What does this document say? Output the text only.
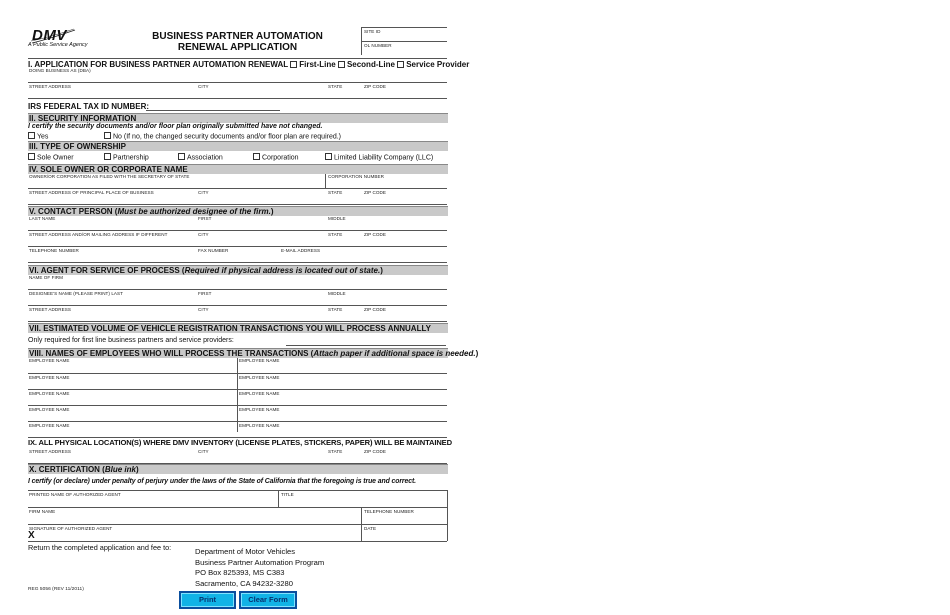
DMV
A Public Service Agency
BUSINESS PARTNER AUTOMATION
RENEWAL APPLICATION
SITE ID
OL NUMBER
I. APPLICATION FOR BUSINESS PARTNER AUTOMATION RENEWAL First-Line Second-Line Service Provider
DOING BUSINESS AS (DBA)
STREET ADDRESS	CITY	STATE	ZIP CODE
IRS FEDERAL TAX ID NUMBER:
II. SECURITY INFORMATION
I certify the security documents and/or floor plan originally submitted have not changed.
Yes	No (If no, the changed security documents and/or floor plan are required.)
III. TYPE OF OWNERSHIP
Sole Owner	Partnership	Association	Corporation	Limited Liability Company (LLC)
IV. SOLE OWNER OR CORPORATE NAME
OWNER/OR CORPORATION AS FILED WITH THE SECRETARY OF STATE	CORPORATION NUMBER
STREET ADDRESS OF PRINCIPAL PLACE OF BUSINESS	CITY	STATE	ZIP CODE
V. CONTACT PERSON (Must be authorized designee of the firm.)
LAST NAME	FIRST	MIDDLE
STREET ADDRESS AND/OR MAILING ADDRESS IF DIFFERENT	CITY	STATE	ZIP CODE
TELEPHONE NUMBER	FAX NUMBER	E-MAIL ADDRESS
VI. AGENT FOR SERVICE OF PROCESS (Required if physical address is located out of state.)
NAME OF FIRM
DESIGNEE'S NAME (PLEASE PRINT) LAST	FIRST	MIDDLE
STREET ADDRESS	CITY	STATE	ZIP CODE
VII. ESTIMATED VOLUME OF VEHICLE REGISTRATION TRANSACTIONS YOU WILL PROCESS ANNUALLY
Only required for first line business partners and service providers:
VIII. NAMES OF EMPLOYEES WHO WILL PROCESS THE TRANSACTIONS (Attach paper if additional space is needed.)
EMPLOYEE NAME	EMPLOYEE NAME
EMPLOYEE NAME	EMPLOYEE NAME
EMPLOYEE NAME	EMPLOYEE NAME
EMPLOYEE NAME	EMPLOYEE NAME
EMPLOYEE NAME	EMPLOYEE NAME
IX. ALL PHYSICAL LOCATION(S) WHERE DMV INVENTORY (LICENSE PLATES, STICKERS, PAPER) WILL BE MAINTAINED
STREET ADDRESS	CITY	STATE	ZIP CODE
X. CERTIFICATION (Blue ink)
I certify (or declare) under penalty of perjury under the laws of the State of California that the foregoing is true and correct.
PRINTED NAME OF AUTHORIZED AGENT	TITLE
FIRM NAME	TELEPHONE NUMBER
SIGNATURE OF AUTHORIZED AGENT	DATE
X
Return the completed application and fee to:	Department of Motor Vehicles
Business Partner Automation Program
PO Box 825393, MS C383
Sacramento, CA 94232-3280
REG 5056 (REV 11/2011)
Print	Clear Form
